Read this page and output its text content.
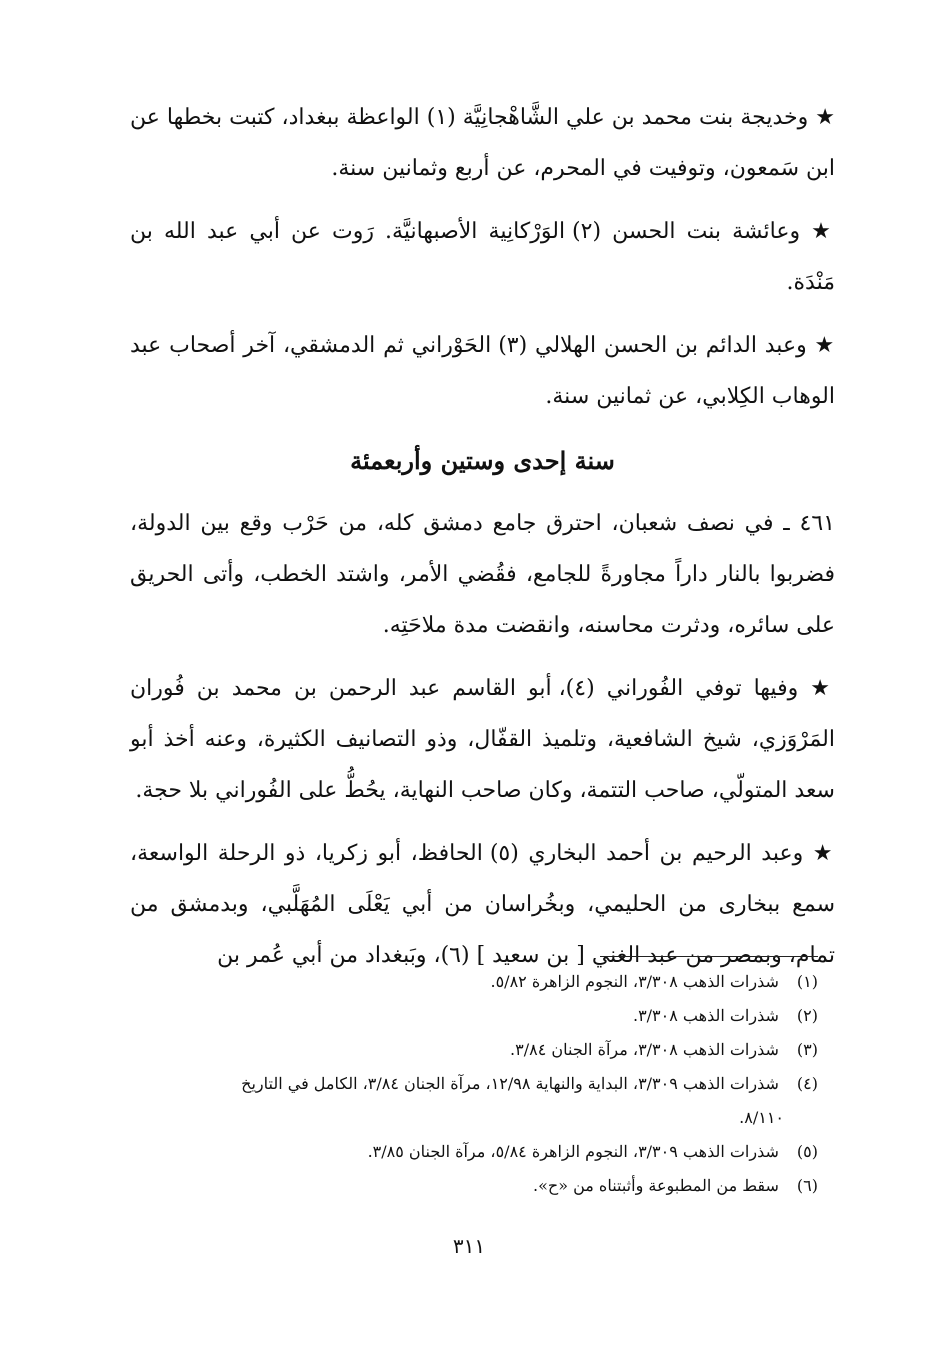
★ وخديجة بنت محمد بن علي الشَّاهْجانِيَّة (١) الواعظة ببغداد، كتبت بخطها عن ابن سَمعون، وتوفيت في المحرم، عن أربع وثمانين سنة.

★ وعائشة بنت الحسن (٢) الوَرْكانِية الأصبهانيَّة. رَوت عن أبي عبد الله بن مَنْدَة.

★ وعبد الدائم بن الحسن الهلالي (٣) الحَوْراني ثم الدمشقي، آخر أصحاب عبد الوهاب الكِلابي، عن ثمانين سنة.

سنة إحدى وستين وأربعمئة

٤٦١ ـ في نصف شعبان، احترق جامع دمشق كله، من حَرْب وقع بين الدولة، فضربوا بالنار داراً مجاورةً للجامع، فقُضي الأمر، واشتد الخطب، وأتى الحريق على سائره، ودثرت محاسنه، وانقضت مدة ملاحَتِه.

★ وفيها توفي الفُوراني (٤)، أبو القاسم عبد الرحمن بن محمد بن فُوران المَرْوَزي، شيخ الشافعية، وتلميذ القفّال، وذو التصانيف الكثيرة، وعنه أخذ أبو سعد المتولّي، صاحب التتمة، وكان صاحب النهاية، يحُطُّ على الفُوراني بلا حجة.

★ وعبد الرحيم بن أحمد البخاري (٥) الحافظ، أبو زكريا، ذو الرحلة الواسعة، سمع ببخارى من الحليمي، وبخُراسان من أبي يَعْلَى المُهَلَّبي، وبدمشق من تمام، وبمصر من عبد الغني [ بن سعيد ] (٦)، وبَبغداد من أبي عُمر بن

(١) شذرات الذهب ٣/٣٠٨، النجوم الزاهرة ٥/٨٢.

(٢) شذرات الذهب ٣/٣٠٨.

(٣) شذرات الذهب ٣/٣٠٨، مرآة الجنان ٣/٨٤.

(٤) شذرات الذهب ٣/٣٠٩، البداية والنهاية ١٢/٩٨، مرآة الجنان ٣/٨٤، الكامل في التاريخ

٨/١١٠.

(٥) شذرات الذهب ٣/٣٠٩، النجوم الزاهرة ٥/٨٤، مرآة الجنان ٣/٨٥.

(٦) سقط من المطبوعة وأثبتناه من «ح».

٣١١
